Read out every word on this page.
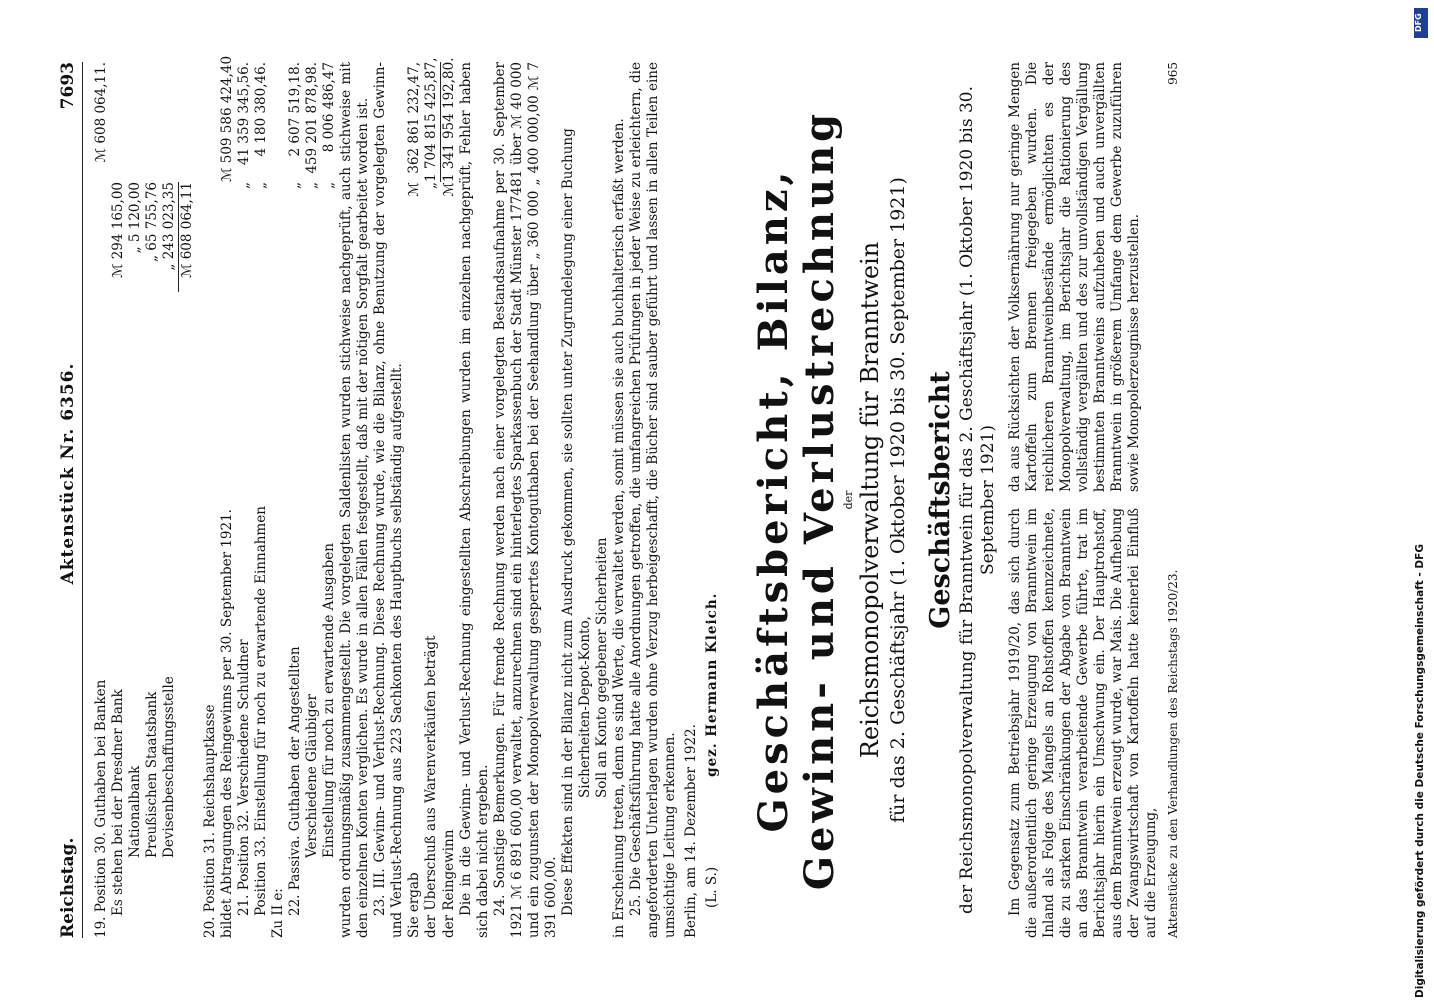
Reichstag.
Aktenstück Nr. 6356.
7693
19. Position 30. Guthaben bei Banken
ℳ 608 064,11.
Es stehen bei der Dresdner Bank
ℳ 294 165,00
Nationalbank
„ 5 120,00
Preußischen Staatsbank
„ 65 755,76
Devisenbeschaffungsstelle
„ 243 023,35 ℳ 608 064,11
20. Position 31. Reichshauptkasse bildet Abtragungen des Reingewinns per 30. September 1921.
ℳ 509 586 424,40
21. Position 32. Verschiedene Schuldner
„
41 359 345,56.
Position 33. Einstellung für noch zu erwartende Einnahmen
„
4 180 380,46.
Zu II e: 22. Passiva. Guthaben der Angestellten
„
2 607 519,18.
Verschiedene Gläubiger
„
459 201 878,98.
Einstellung für noch zu erwartende Ausgaben
„
8 006 486,47 wurden ordnungsmäßig zusammengestellt. Die vorgelegten Saldenlisten wurden stichweise nachgeprüft, auch stichweise mit den einzelnen Konten verglichen. Es wurde in allen Fällen festgestellt, daß mit der nötigen Sorgfalt gearbeitet worden ist. 23. III. Gewinn- und Verlust-Rechnung. Diese Rechnung wurde, wie die Bilanz, ohne Benutzung der vorgelegten Gewinn- und Verlust-Rechnung aus 223 Sachkonten des Hauptbuchs selbständig aufgestellt. Sie ergab
ℳ
362 861 232,47,
der Überschuß aus Warenverkäufen beträgt
„
1 704 815 425,87,
der Reingewinn
ℳ
1 341 954 192,80. Die in die Gewinn- und Verlust-Rechnung eingestellten Abschreibungen wurden im einzelnen nachgeprüft, Fehler haben sich dabei nicht ergeben. 24. Sonstige Bemerkungen. Für fremde Rechnung werden nach einer vorgelegten Bestandsaufnahme per 30. September 1921 ℳ 6 891 600,00 verwaltet, anzurechnen sind ein hinterlegtes Sparkassenbuch der Stadt Münster 177481 über ℳ 40 000 und ein zugunsten der Monopolverwaltung gesperrtes Kontoguthaben bei der Seehandlung über „ 360 000 „ 400 000,00 ℳ 7 391 600,00. Diese Effekten sind in der Bilanz nicht zum Ausdruck gekommen, sie sollten unter Zugrundelegung einer Buchung Sicherheiten-Depot-Konto, Soll an Konto gegebener Sicherheiten in Erscheinung treten, denn es sind Werte, die verwaltet werden, somit müssen sie auch buchhalterisch erfaßt werden. 25. Die Geschäftsführung hatte alle Anordnungen getroffen, die umfangreichen Prüfungen in jeder Weise zu erleichtern, die angeforderten Unterlagen wurden ohne Verzug herbeigeschafft, die Bücher sind sauber geführt und lassen in allen Teilen eine umsichtige Leitung erkennen. Berlin, am 14. Dezember 1922. (L. S.)
gez. Hermann Kleich. Geschäftsbericht, Bilanz, Gewinn- und Verlustrechnung der Reichsmonopolverwaltung für Branntwein für das 2. Geschäftsjahr (1. Oktober 1920 bis 30. September 1921) Geschäftsbericht der Reichsmonopolverwaltung für Branntwein für das 2. Geschäftsjahr (1. Oktober 1920 bis 30. September 1921)

Im Gegensatz zum Betriebsjahr 1919/20, das sich durch die außerordentlich geringe Erzeugung von Branntwein im Inland als Folge des Mangels an Rohstoffen kennzeichnete, die zu starken Einschränkungen der Abgabe von Branntwein an das Branntwein verarbeitende Gewerbe führte, trat im Berichtsjahr hierin ein Umschwung ein. Der Hauptrohstoff, aus dem Branntwein erzeugt wurde, war Mais. Die Aufhebung der Zwangswirtschaft von Kartoffeln hatte keinerlei Einfluß auf die Erzeugung,

da aus Rücksichten der Volksernährung nur geringe Mengen Kartoffeln zum Brennen freigegeben wurden. Die reichlicheren Branntweinbestände ermöglichten es der Monopolverwaltung, im Berichtsjahr die Rationierung des vollständig vergällten und des zur unvollständigen Vergällung bestimmten Branntweins aufzuheben und auch unvergällten Branntwein in größerem Umfange dem Gewerbe zuzuführen sowie Monopolerzeugnisse herzustellen.

Aktenstücke zu den Verhandlungen des Reichstags 1920/23.
965
DFG
Digitalisierung gefördert durch die Deutsche Forschungsgemeinschaft - DFG
